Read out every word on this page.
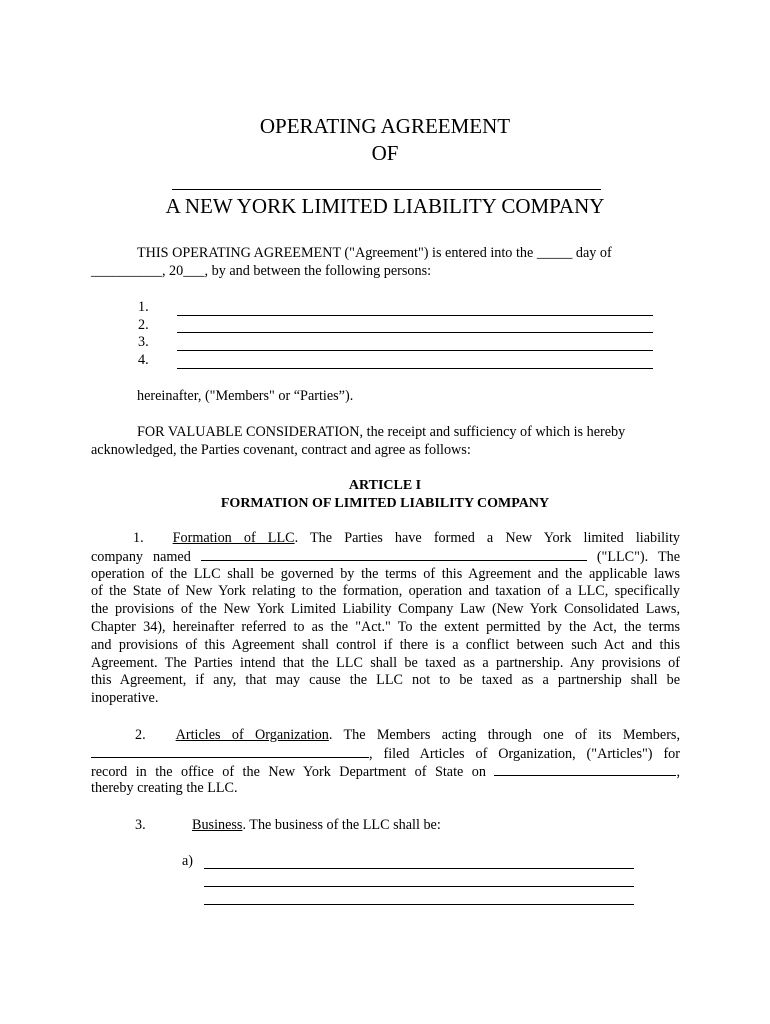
OPERATING AGREEMENT
OF
A NEW YORK LIMITED LIABILITY COMPANY
THIS OPERATING AGREEMENT ("Agreement") is entered into the _____ day of
__________, 20___, by and between the following persons:
1.
2.
3.
4.
hereinafter, ("Members" or “Parties”).
FOR VALUABLE CONSIDERATION, the receipt and sufficiency of which is hereby
acknowledged, the Parties covenant, contract and agree as follows:
ARTICLE I
FORMATION OF LIMITED LIABILITY COMPANY
1. Formation of LLC. The Parties have formed a New York limited liability
company named	("LLC"). The
operation of the LLC shall be governed by the terms of this Agreement and the applicable laws
of the State of New York relating to the formation, operation and taxation of a LLC, specifically
the provisions of the New York Limited Liability Company Law (New York Consolidated Laws,
Chapter 34), hereinafter referred to as the "Act." To the extent permitted by the Act, the terms
and provisions of this Agreement shall control if there is a conflict between such Act and this
Agreement. The Parties intend that the LLC shall be taxed as a partnership. Any provisions of
this Agreement, if any, that may cause the LLC not to be taxed as a partnership shall be
inoperative.
2. Articles of Organization. The Members acting through one of its Members,
, filed Articles of Organization, ("Articles") for
record in the office of the New York Department of State on	,
thereby creating the LLC.
3.	Business. The business of the LLC shall be:
a)
